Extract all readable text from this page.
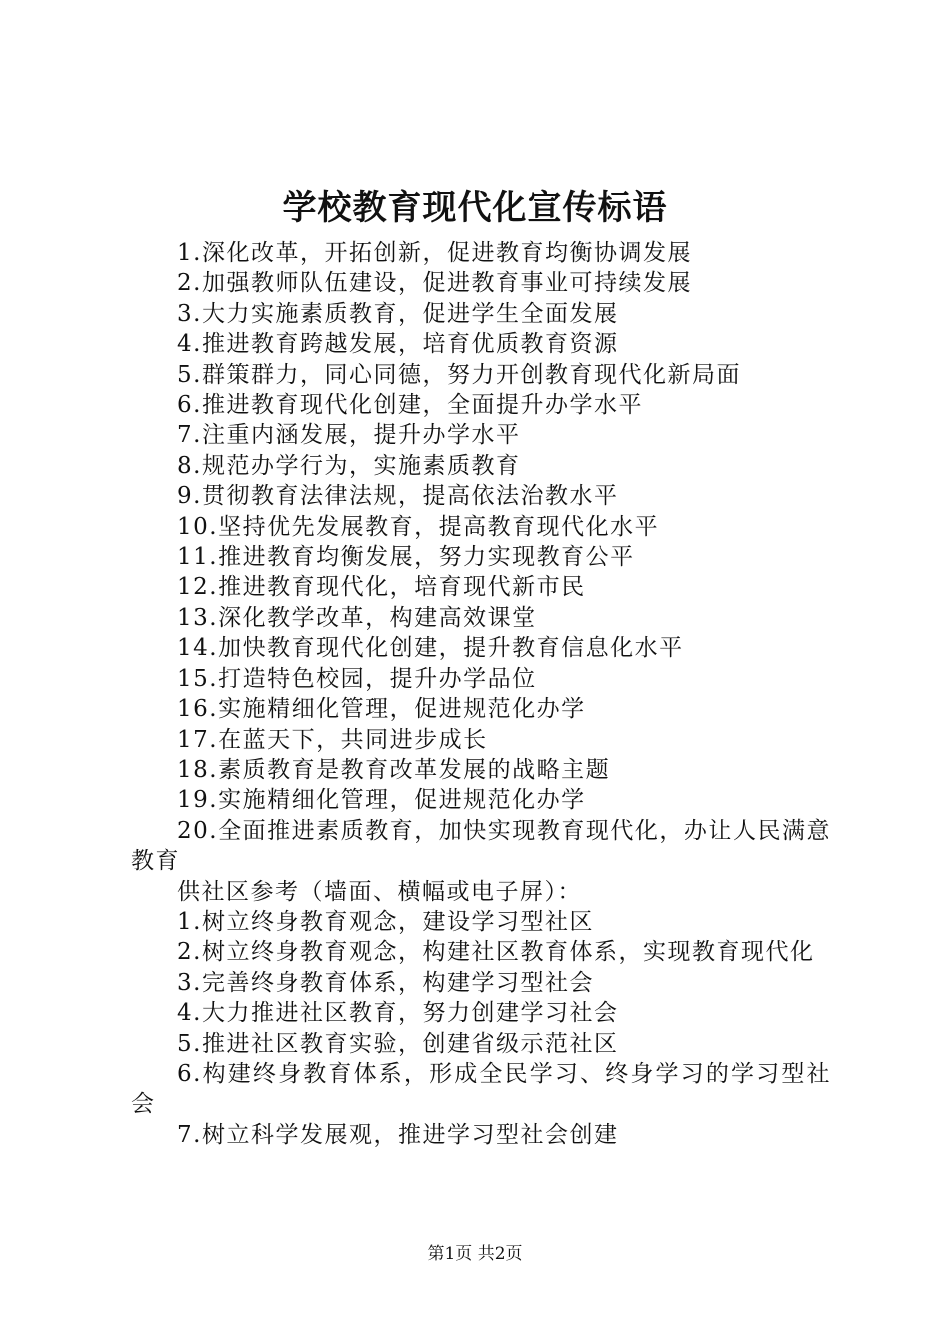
学校教育现代化宣传标语
1.深化改革，开拓创新，促进教育均衡协调发展
2.加强教师队伍建设，促进教育事业可持续发展
3.大力实施素质教育，促进学生全面发展
4.推进教育跨越发展，培育优质教育资源
5.群策群力，同心同德，努力开创教育现代化新局面
6.推进教育现代化创建，全面提升办学水平
7.注重内涵发展，提升办学水平
8.规范办学行为，实施素质教育
9.贯彻教育法律法规，提高依法治教水平
10.坚持优先发展教育，提高教育现代化水平
11.推进教育均衡发展，努力实现教育公平
12.推进教育现代化，培育现代新市民
13.深化教学改革，构建高效课堂
14.加快教育现代化创建，提升教育信息化水平
15.打造特色校园，提升办学品位
16.实施精细化管理，促进规范化办学
17.在蓝天下，共同进步成长
18.素质教育是教育改革发展的战略主题
19.实施精细化管理，促进规范化办学
20.全面推进素质教育，加快实现教育现代化，办让人民满意教育
供社区参考（墙面、横幅或电子屏）：
1.树立终身教育观念，建设学习型社区
2.树立终身教育观念，构建社区教育体系，实现教育现代化
3.完善终身教育体系，构建学习型社会
4.大力推进社区教育，努力创建学习社会
5.推进社区教育实验，创建省级示范社区
6.构建终身教育体系，形成全民学习、终身学习的学习型社会
7.树立科学发展观，推进学习型社会创建
第1页 共2页
